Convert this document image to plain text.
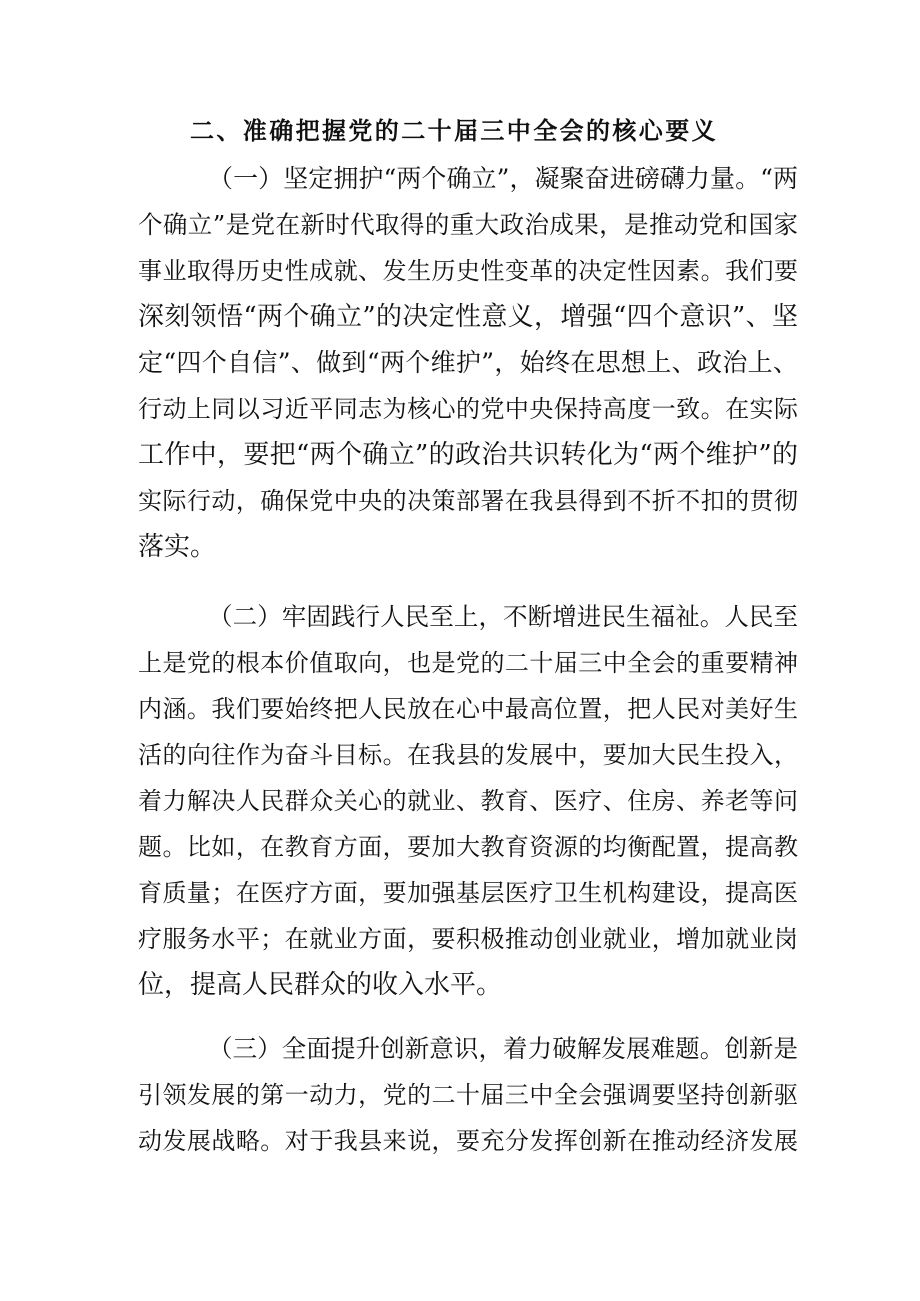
二、准确把握党的二十届三中全会的核心要义
（一）坚定拥护“两个确立”，凝聚奋进磅礴力量。“两
个确立”是党在新时代取得的重大政治成果，是推动党和国家
事业取得历史性成就、发生历史性变革的决定性因素。我们要
深刻领悟“两个确立”的决定性意义，增强“四个意识”、坚
定“四个自信”、做到“两个维护”，始终在思想上、政治上、
行动上同以习近平同志为核心的党中央保持高度一致。在实际
工作中，要把“两个确立”的政治共识转化为“两个维护”的
实际行动，确保党中央的决策部署在我县得到不折不扣的贯彻
落实。
（二）牢固践行人民至上，不断增进民生福祉。人民至
上是党的根本价值取向，也是党的二十届三中全会的重要精神
内涵。我们要始终把人民放在心中最高位置，把人民对美好生
活的向往作为奋斗目标。在我县的发展中，要加大民生投入，
着力解决人民群众关心的就业、教育、医疗、住房、养老等问
题。比如，在教育方面，要加大教育资源的均衡配置，提高教
育质量；在医疗方面，要加强基层医疗卫生机构建设，提高医
疗服务水平；在就业方面，要积极推动创业就业，增加就业岗
位，提高人民群众的收入水平。
（三）全面提升创新意识，着力破解发展难题。创新是
引领发展的第一动力，党的二十届三中全会强调要坚持创新驱
动发展战略。对于我县来说，要充分发挥创新在推动经济发展
